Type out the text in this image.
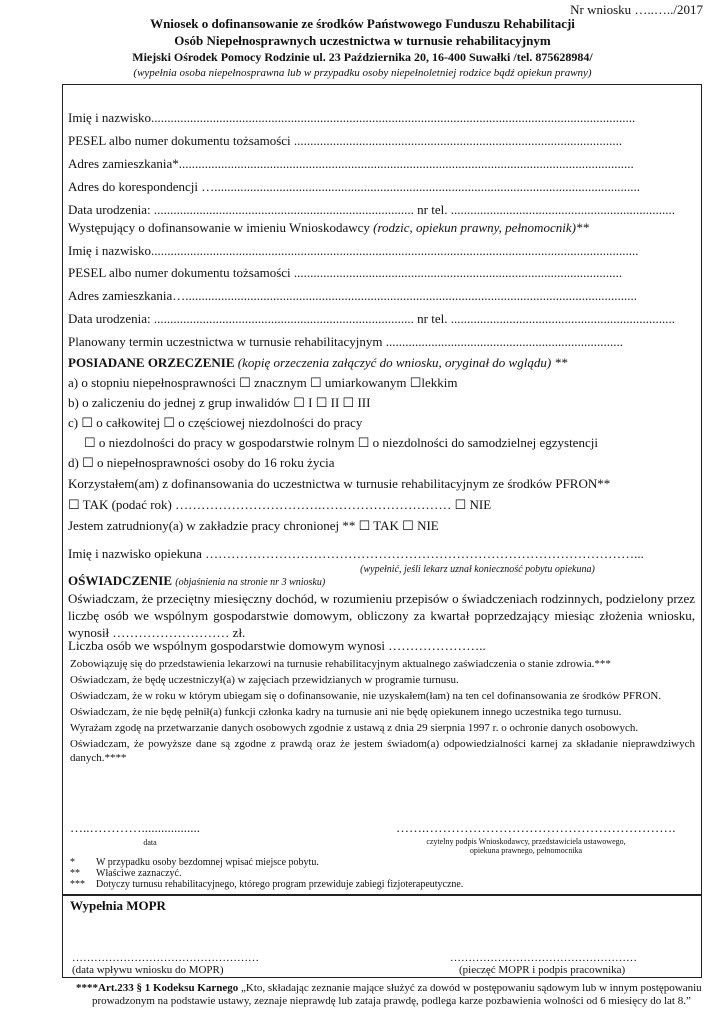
Nr wniosku …..…../2017
Wniosek o dofinansowanie ze środków Państwowego Funduszu Rehabilitacji
Osób Niepełnosprawnych uczestnictwa w turnusie rehabilitacyjnym
Miejski Ośrodek Pomocy Rodzinie ul. 23 Października 20, 16-400 Suwałki /tel. 875628984/
(wypełnia osoba niepełnosprawna lub w przypadku osoby niepełnoletniej rodzice bądź opiekun prawny)
Imię i nazwisko.....................................................................................................................................................
PESEL albo numer dokumentu tożsamości .....................................................................................................
Adres zamieszkania*............................................................................................................................................
Adres do korespondencji …...................................................................................................................................
Data urodzenia: ................................................................................ nr tel. .....................................................................
Występujący o dofinansowanie w imieniu Wnioskodawcy (rodzic, opiekun prawny, pełnomocnik)**
Imię i nazwisko......................................................................................................................................................
PESEL albo numer dokumentu tożsamości .....................................................................................................
Adres zamieszkania…...........................................................................................................................................
Data urodzenia: ................................................................................ nr tel. .....................................................................
Planowany termin uczestnictwa w turnusie rehabilitacyjnym .........................................................................
POSIADANE ORZECZENIE (kopię orzeczenia załączyć do wniosku, oryginał do wglądu) **
a) o stopniu niepełnosprawności ☐ znacznym ☐ umiarkowanym ☐lekkim
b) o zaliczeniu do jednej z grup inwalidów ☐ I ☐ II ☐ III
c) ☐ o całkowitej ☐ o częściowej niezdolności do pracy
☐ o niezdolności do pracy w gospodarstwie rolnym ☐ o niezdolności do samodzielnej egzystencji
d) ☐ o niepełnosprawności osoby do 16 roku życia
Korzystałem(am) z dofinansowania do uczestnictwa w turnusie rehabilitacyjnym ze środków PFRON**
☐ TAK (podać rok) …………………………….………………………… ☐ NIE
Jestem zatrudniony(a) w zakładzie pracy chronionej ** ☐ TAK ☐ NIE
Imię i nazwisko opiekuna ………………………………………………………………………………………...
(wypełnić, jeśli lekarz uznał konieczność pobytu opiekuna)
OŚWIADCZENIE (objaśnienia na stronie nr 3 wniosku)
Oświadczam, że przeciętny miesięczny dochód, w rozumieniu przepisów o świadczeniach rodzinnych, podzielony przez liczbę osób we wspólnym gospodarstwie domowym, obliczony za kwartał poprzedzający miesiąc złożenia wniosku, wynosił ……………………… zł.
Liczba osób we wspólnym gospodarstwie domowym wynosi …………………..
Zobowiązuję się do przedstawienia lekarzowi na turnusie rehabilitacyjnym aktualnego zaświadczenia o stanie zdrowia.***
Oświadczam, że będę uczestniczył(a) w zajęciach przewidzianych w programie turnusu.
Oświadczam, że w roku w którym ubiegam się o dofinansowanie, nie uzyskałem(łam) na ten cel dofinansowania ze środków PFRON.
Oświadczam, że nie będę pełnił(a) funkcji członka kadry na turnusie ani nie będę opiekunem innego uczestnika tego turnusu.
Wyrażam zgodę na przetwarzanie danych osobowych zgodnie z ustawą z dnia 29 sierpnia 1997 r. o ochronie danych osobowych.
Oświadczam, że powyższe dane są zgodne z prawdą oraz że jestem świadom(a) odpowiedzialności karnej za składanie nieprawdziwych danych.****
…..…………..................
data
…….………………………………………………….
czytelny podpis Wnioskodawcy, przedstawiciela ustawowego,
opiekuna prawnego, pełnomocnika
* W przypadku osoby bezdomnej wpisać miejsce pobytu.
** Właściwe zaznaczyć.
*** Dotyczy turnusu rehabilitacyjnego, którego program przewiduje zabiegi fizjoterapeutyczne.
Wypełnia MOPR
……………………………………………
(data wpływu wniosku do MOPR)
……………………………………………
(pieczęć MOPR i podpis pracownika)
****Art.233 § 1 Kodeksu Karnego „Kto, składając zeznanie mające służyć za dowód w postępowaniu sądowym lub w innym postępowaniu
prowadzonym na podstawie ustawy, zeznaje nieprawdę lub zataja prawdę, podlega karze pozbawienia wolności od 6 miesięcy do lat 8.”
